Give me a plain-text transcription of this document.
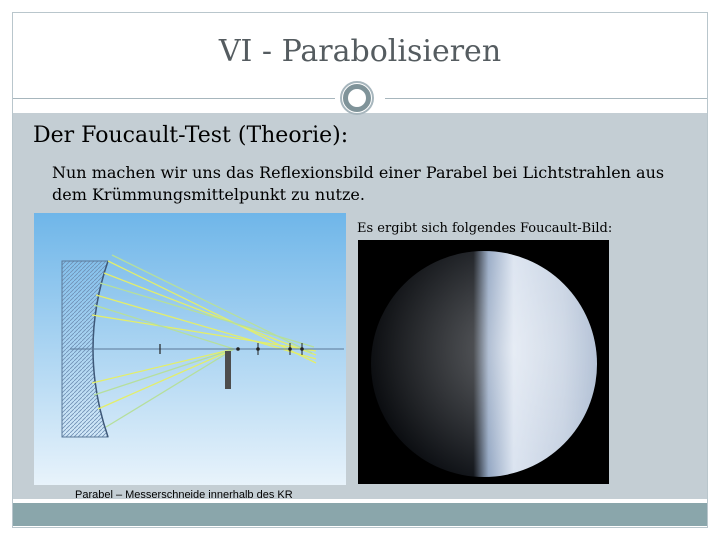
VI - Parabolisieren
Der Foucault-Test (Theorie):
Nun machen wir uns das Reflexionsbild einer Parabel bei Lichtstrahlen aus dem Krümmungsmittelpunkt zu nutze.
Parabel – Messerschneide innerhalb des KR
Es ergibt sich folgendes Foucault-Bild:
